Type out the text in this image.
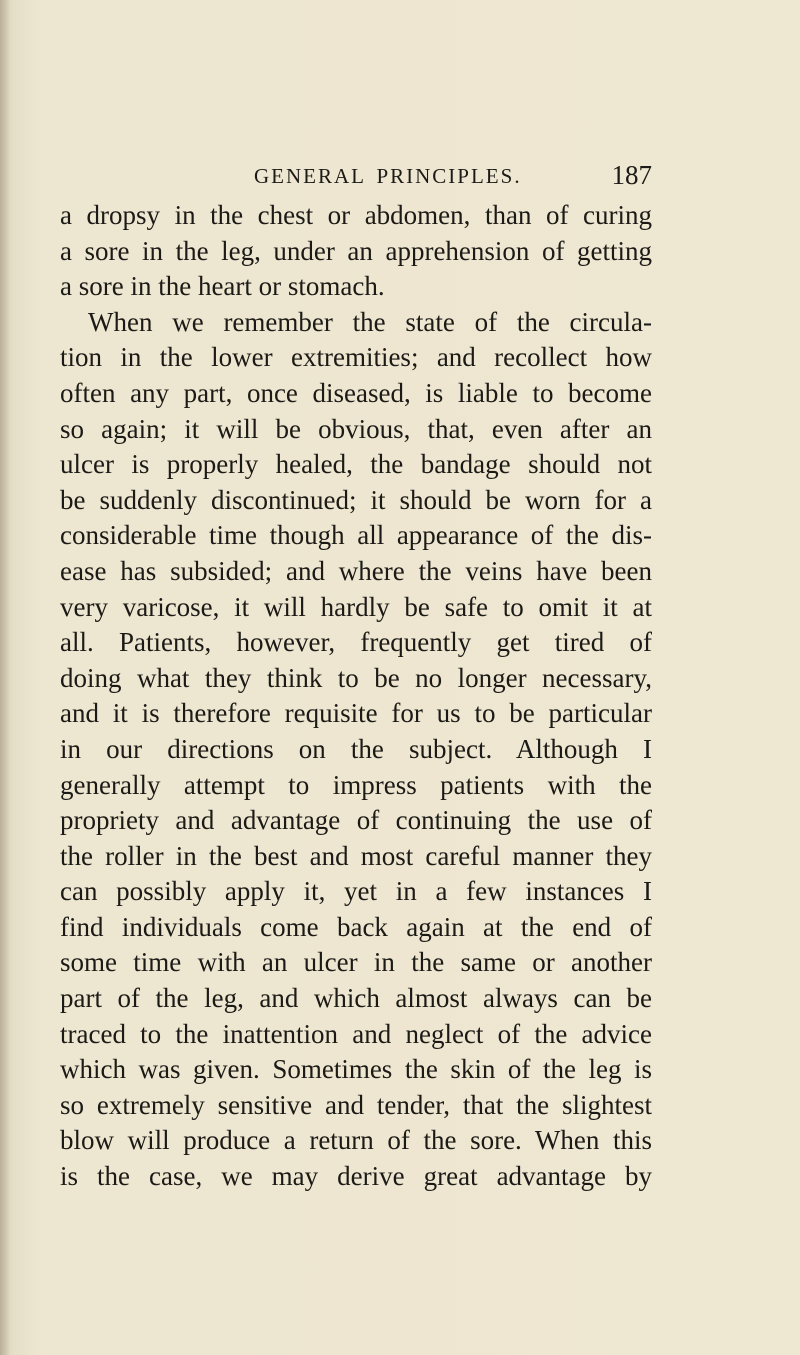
GENERAL PRINCIPLES.	187
a dropsy in the chest or abdomen, than of curing
a sore in the leg, under an apprehension of getting
a sore in the heart or stomach.
When we remember the state of the circula-
tion in the lower extremities; and recollect how
often any part, once diseased, is liable to become
so again; it will be obvious, that, even after an
ulcer is properly healed, the bandage should not
be suddenly discontinued; it should be worn for a
considerable time though all appearance of the dis-
ease has subsided; and where the veins have been
very varicose, it will hardly be safe to omit it at
all. Patients, however, frequently get tired of
doing what they think to be no longer necessary,
and it is therefore requisite for us to be particular
in our directions on the subject. Although I
generally attempt to impress patients with the
propriety and advantage of continuing the use of
the roller in the best and most careful manner they
can possibly apply it, yet in a few instances I
find individuals come back again at the end of
some time with an ulcer in the same or another
part of the leg, and which almost always can be
traced to the inattention and neglect of the advice
which was given. Sometimes the skin of the leg is
so extremely sensitive and tender, that the slightest
blow will produce a return of the sore. When this
is the case, we may derive great advantage by
